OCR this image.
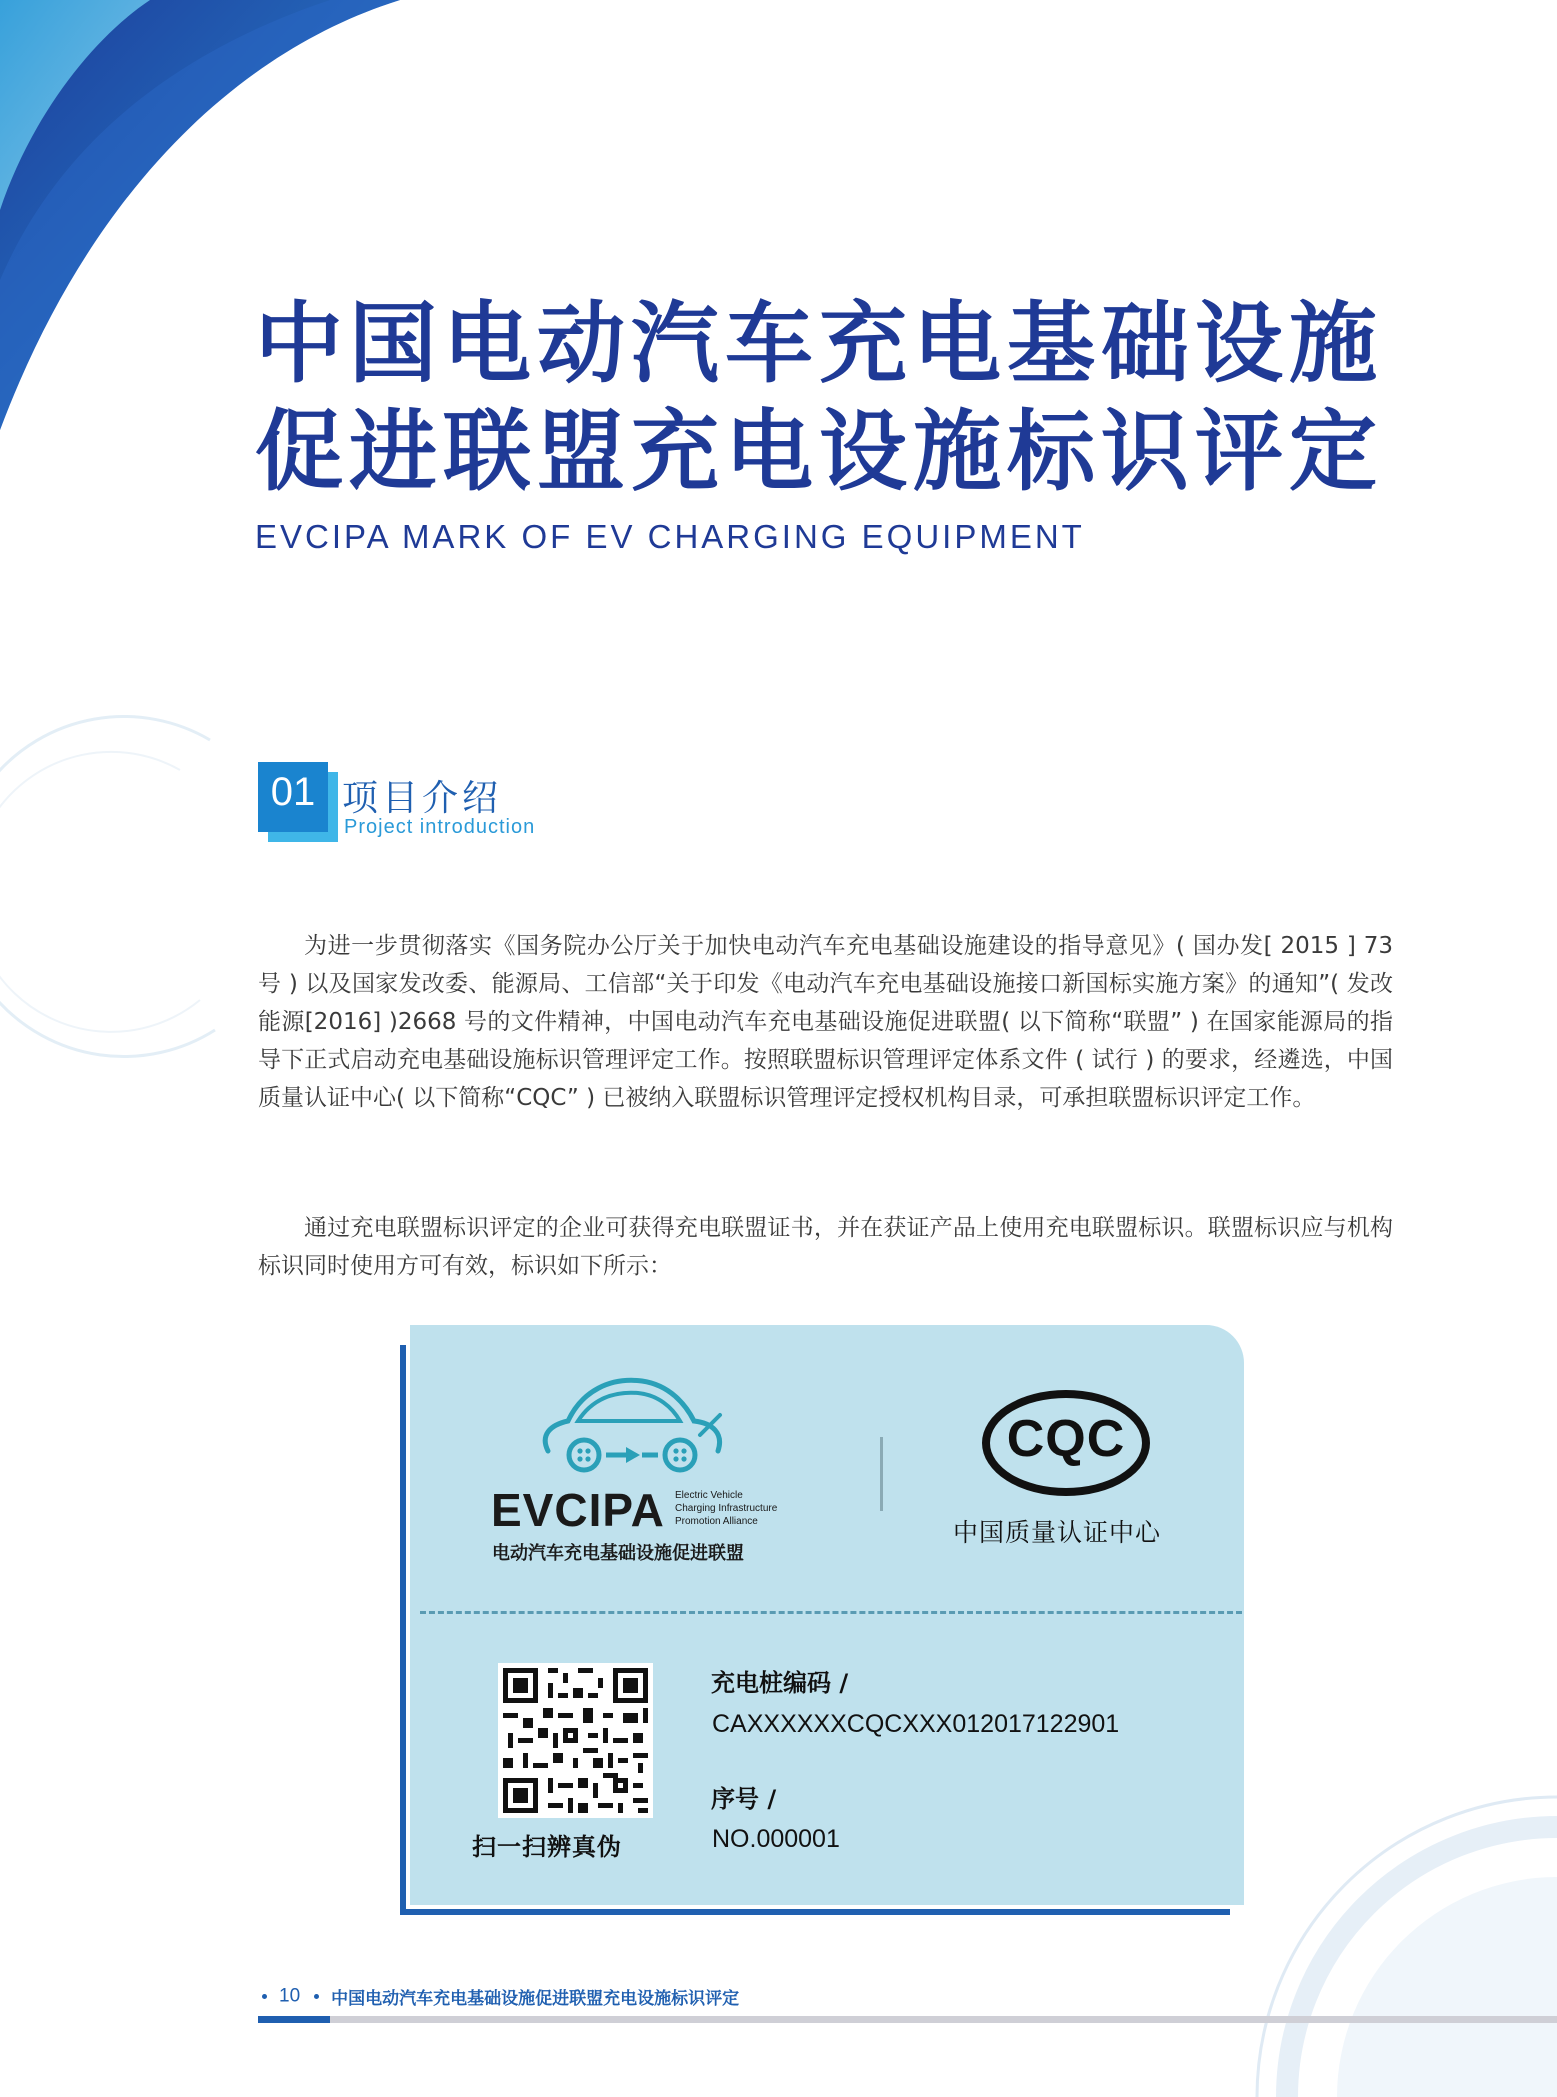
中国电动汽车充电基础设施
促进联盟充电设施标识评定
EVCIPA MARK OF EV CHARGING EQUIPMENT
01 项目介绍
Project introduction

为进一步贯彻落实《国务院办公厅关于加快电动汽车充电基础设施建设的指导意见》( 国办发[ 2015 ] 73 号 ) 以及国家发改委、能源局、工信部“关于印发《电动汽车充电基础设施接口新国标实施方案》的通知”( 发改能源[2016] )2668 号的文件精神，中国电动汽车充电基础设施促进联盟( 以下简称“联盟” ) 在国家能源局的指导下正式启动充电基础设施标识管理评定工作。按照联盟标识管理评定体系文件 ( 试行 ) 的要求，经遴选，中国质量认证中心( 以下简称“CQC” ) 已被纳入联盟标识管理评定授权机构目录，可承担联盟标识评定工作。

通过充电联盟标识评定的企业可获得充电联盟证书，并在获证产品上使用充电联盟标识。联盟标识应与机构标识同时使用方可有效，标识如下所示：

EVCIPA Electric Vehicle
Charging Infrastructure
Promotion Alliance
电动汽车充电基础设施促进联盟
CQC
中国质量认证中心
扫一扫辨真伪
充电桩编码 /
CAXXXXXXCQCXXX012017122901
序号 /
NO.000001
10 中国电动汽车充电基础设施促进联盟充电设施标识评定
